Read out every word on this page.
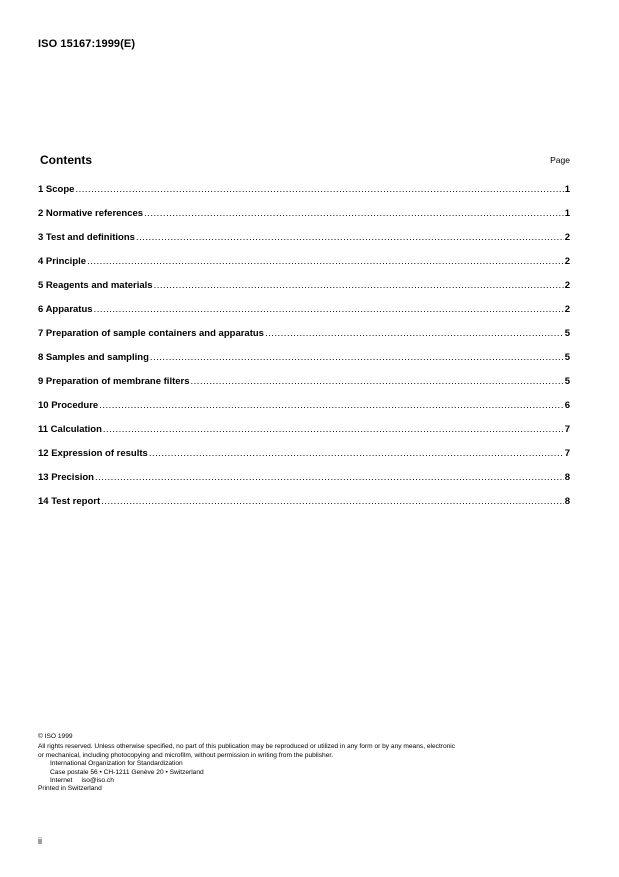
ISO 15167:1999(E)
Contents	Page
1 Scope .....	1
2 Normative references .....	1
3 Test and definitions .....	2
4 Principle .....	2
5 Reagents and materials .....	2
6 Apparatus .....	2
7 Preparation of sample containers and apparatus .....	5
8 Samples and sampling .....	5
9 Preparation of membrane filters .....	5
10 Procedure .....	6
11 Calculation .....	7
12 Expression of results .....	7
13 Precision .....	8
14 Test report .....	8

© ISO 1999

All rights reserved. Unless otherwise specified, no part of this publication may be reproduced or utilized in any form or by any means, electronic

or mechanical, including photocopying and microfilm, without permission in writing from the publisher.

International Organization for Standardization

Case postale 56 • CH-1211 Genève 20 • Switzerland

Internet     iso@iso.ch

Printed in Switzerland

ii
